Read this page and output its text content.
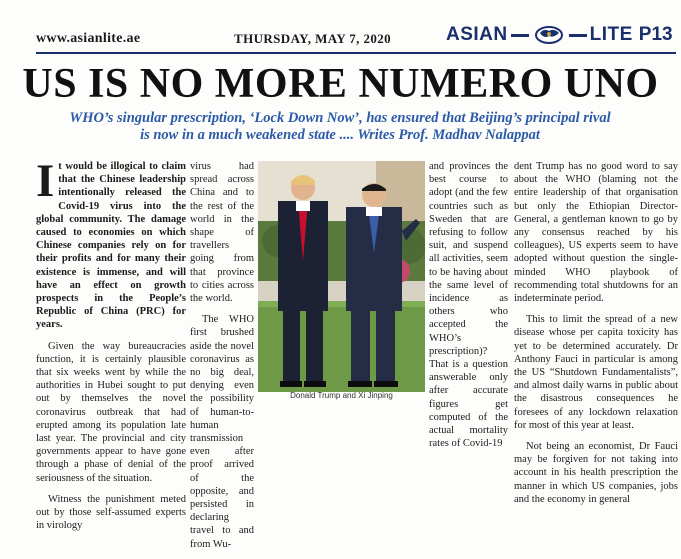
www.asianlite.ae	THURSDAY, MAY 7, 2020	ASIAN	LITE P13
US IS NO MORE NUMERO UNO
WHO’s singular prescription, ‘Lock Down Now’, has ensured that Beijing’s principal rival
is now in a much weakened state .... Writes Prof. Madhav Nalappat

It would be illogical to claim that the Chinese leadership intentionally released the Covid-19 virus into the global community. The damage caused to economies on which Chinese companies rely on for their profits and for many their existence is immense, and will have an effect on growth prospects in the People’s Republic of China (PRC) for years.

Given the way bureaucracies function, it is certainly plausible that six weeks went by while the authorities in Hubei sought to put out by themselves the novel coronavirus outbreak that had erupted among its population late last year. The provincial and city governments appear to have gone through a phase of denial of the seriousness of the situation.

Witness the punishment meted out by those self-assumed experts in virology

virus had spread across China and to the rest of the world in the shape of travellers going from that province to cities across the world.

The WHO first brushed aside the novel coronavirus as no big deal, denying even the possibility of human-to-human transmission even after proof arrived of the opposite, and persisted in declaring travel to and from Wu-

Donald Trump and Xi Jinping

and provinces the best course to adopt (and the few countries such as Sweden that are refusing to follow suit, and suspend all activities, seem to be having about the same level of incidence as others who accepted the WHO’s prescription)? That is a question answerable only after accurate figures get computed of the actual mortality rates of Covid-19

dent Trump has no good word to say about the WHO (blaming not the entire leadership of that organisation but only the Ethiopian Director-General, a gentleman known to go by any consensus reached by his colleagues), US experts seem to have adopted without question the single-minded WHO playbook of recommending total shutdowns for an indeterminate period.

This to limit the spread of a new disease whose per capita toxicity has yet to be determined accurately. Dr Anthony Fauci in particular is among the US “Shutdown Fundamentalists”, and almost daily warns in public about the disastrous consequences he foresees of any lockdown relaxation for most of this year at least.

Not being an economist, Dr Fauci may be forgiven for not taking into account in his health prescription the manner in which US companies, jobs and the economy in general
